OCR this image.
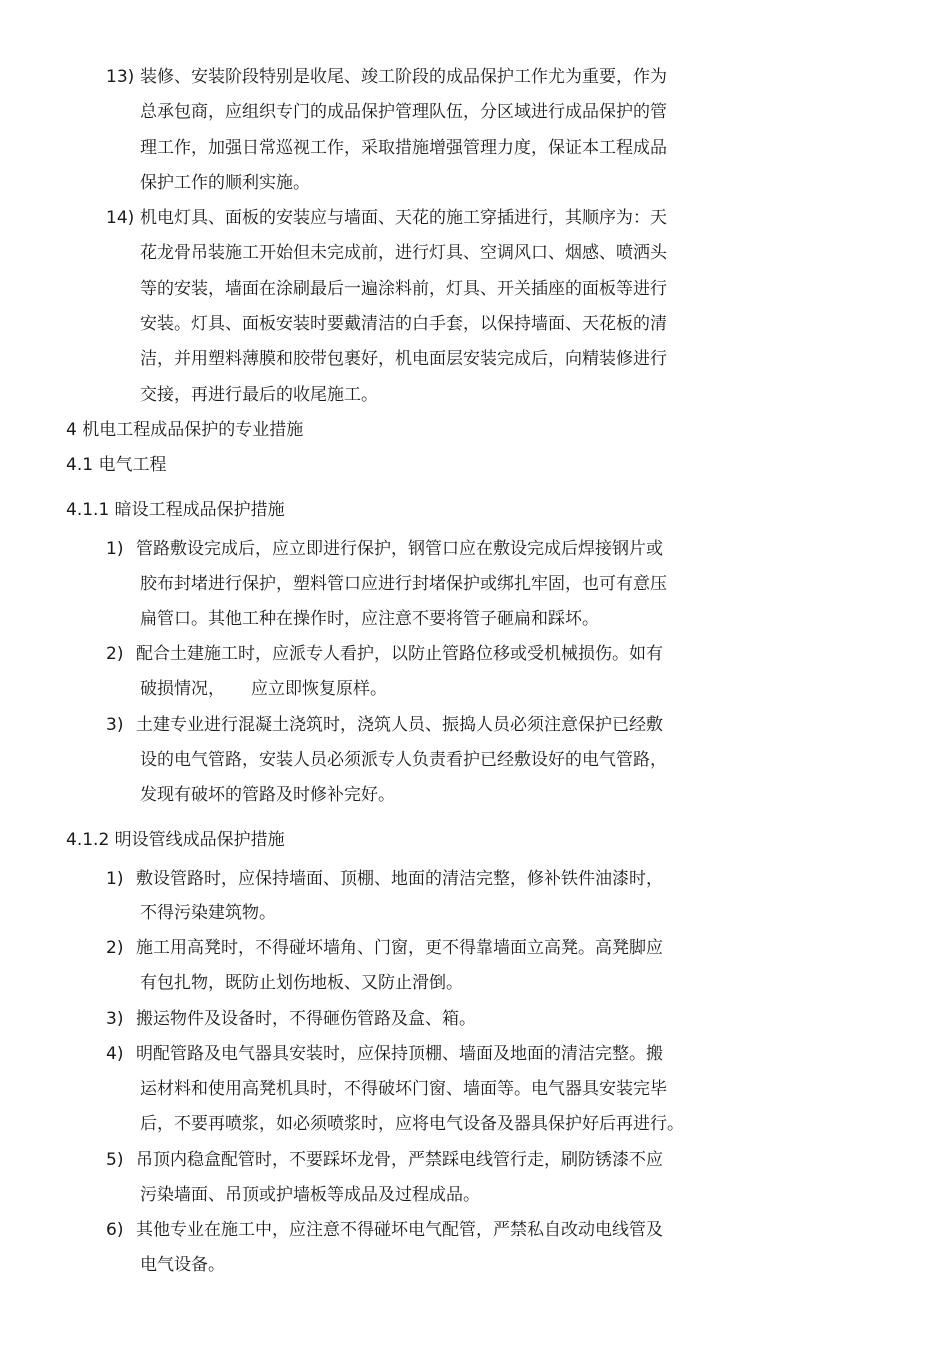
13) 装修、安装阶段特别是收尾、竣工阶段的成品保护工作尤为重要，作为
总承包商，应组织专门的成品保护管理队伍，分区域进行成品保护的管
理工作，加强日常巡视工作，采取措施增强管理力度，保证本工程成品
保护工作的顺利实施。
14) 机电灯具、面板的安装应与墙面、天花的施工穿插进行，其顺序为：天
花龙骨吊装施工开始但未完成前，进行灯具、空调风口、烟感、喷洒头
等的安装，墙面在涂刷最后一遍涂料前，灯具、开关插座的面板等进行
安装。灯具、面板安装时要戴清洁的白手套，以保持墙面、天花板的清
洁，并用塑料薄膜和胶带包裹好，机电面层安装完成后，向精装修进行
交接，再进行最后的收尾施工。
4 机电工程成品保护的专业措施
4.1 电气工程
4.1.1 暗设工程成品保护措施
1) 管路敷设完成后，应立即进行保护，钢管口应在敷设完成后焊接钢片或
胶布封堵进行保护，塑料管口应进行封堵保护或绑扎牢固，也可有意压
扁管口。其他工种在操作时，应注意不要将管子砸扁和踩坏。
2) 配合土建施工时，应派专人看护，以防止管路位移或受机械损伤。如有
破损情况， 应立即恢复原样。
3) 土建专业进行混凝土浇筑时，浇筑人员、振捣人员必须注意保护已经敷
设的电气管路，安装人员必须派专人负责看护已经敷设好的电气管路，
发现有破坏的管路及时修补完好。
4.1.2 明设管线成品保护措施
1) 敷设管路时，应保持墙面、顶棚、地面的清洁完整，修补铁件油漆时，
不得污染建筑物。
2) 施工用高凳时，不得碰坏墙角、门窗，更不得靠墙面立高凳。高凳脚应
有包扎物，既防止划伤地板、又防止滑倒。
3) 搬运物件及设备时，不得砸伤管路及盒、箱。
4) 明配管路及电气器具安装时，应保持顶棚、墙面及地面的清洁完整。搬
运材料和使用高凳机具时，不得破坏门窗、墙面等。电气器具安装完毕
后，不要再喷浆，如必须喷浆时，应将电气设备及器具保护好后再进行。
5) 吊顶内稳盒配管时，不要踩坏龙骨，严禁踩电线管行走，刷防锈漆不应
污染墙面、吊顶或护墙板等成品及过程成品。
6) 其他专业在施工中，应注意不得碰坏电气配管，严禁私自改动电线管及
电气设备。
